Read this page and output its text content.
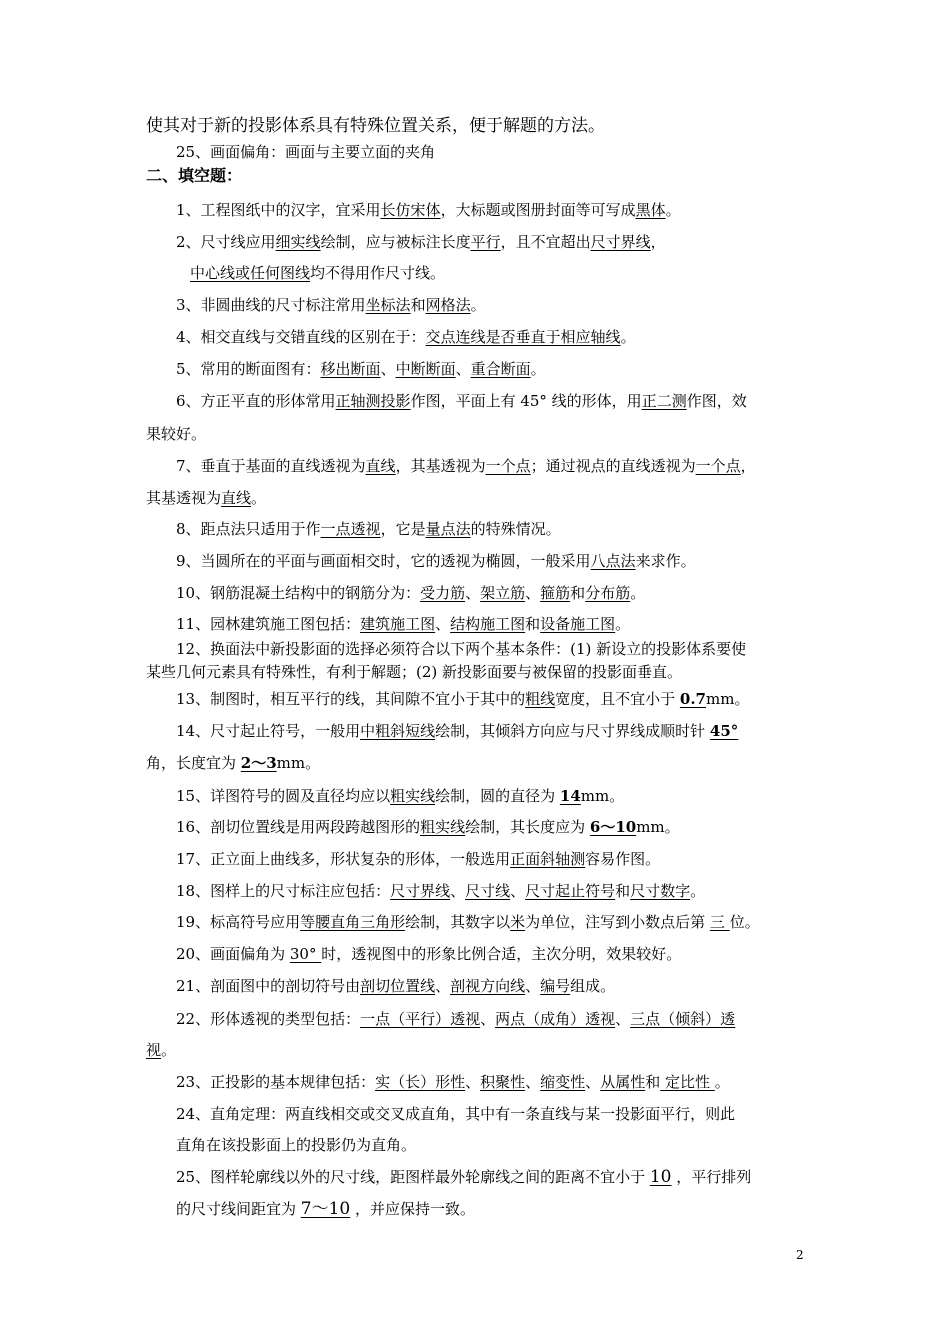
使其对于新的投影体系具有特殊位置关系，便于解题的方法。
25、画面偏角：画面与主要立面的夹角
二、填空题：
1、工程图纸中的汉字，宜采用长仿宋体，大标题或图册封面等可写成黑体。
2、尺寸线应用细实线绘制，应与被标注长度平行，且不宜超出尺寸界线，
中心线或任何图线均不得用作尺寸线。
3、非圆曲线的尺寸标注常用坐标法和网格法。
4、相交直线与交错直线的区别在于：交点连线是否垂直于相应轴线。
5、常用的断面图有：移出断面、中断断面、重合断面。
6、方正平直的形体常用正轴测投影作图，平面上有 45° 线的形体，用正二测作图，效
果较好。
7、垂直于基面的直线透视为直线，其基透视为一个点；通过视点的直线透视为一个点，
其基透视为直线。
8、距点法只适用于作一点透视，它是量点法的特殊情况。
9、当圆所在的平面与画面相交时，它的透视为椭圆，一般采用八点法来求作。
10、钢筋混凝土结构中的钢筋分为：受力筋、架立筋、箍筋和分布筋。
11、园林建筑施工图包括：建筑施工图、结构施工图和设备施工图。
12、换面法中新投影面的选择必须符合以下两个基本条件：(1) 新设立的投影体系要使
某些几何元素具有特殊性，有利于解题；(2) 新投影面要与被保留的投影面垂直。
13、制图时，相互平行的线，其间隙不宜小于其中的粗线宽度，且不宜小于 0.7mm。
14、尺寸起止符号，一般用中粗斜短线绘制，其倾斜方向应与尺寸界线成顺时针 45°
角，长度宜为 2～3mm。
15、详图符号的圆及直径均应以粗实线绘制，圆的直径为 14mm。
16、剖切位置线是用两段跨越图形的粗实线绘制，其长度应为 6～10mm。
17、正立面上曲线多，形状复杂的形体，一般选用正面斜轴测容易作图。
18、图样上的尺寸标注应包括：尺寸界线、尺寸线、尺寸起止符号和尺寸数字。
19、标高符号应用等腰直角三角形绘制，其数字以米为单位，注写到小数点后第 三 位。
20、画面偏角为 30° 时，透视图中的形象比例合适，主次分明，效果较好。
21、剖面图中的剖切符号由剖切位置线、剖视方向线、编号组成。
22、形体透视的类型包括：一点（平行）透视、两点（成角）透视、三点（倾斜）透
视。
23、正投影的基本规律包括：实（长）形性、积聚性、缩变性、从属性和 定比性 。
24、直角定理：两直线相交或交叉成直角，其中有一条直线与某一投影面平行，则此
直角在该投影面上的投影仍为直角。
25、图样轮廓线以外的尺寸线，距图样最外轮廓线之间的距离不宜小于 10 ，平行排列
的尺寸线间距宜为 7～10 ，并应保持一致。
2
